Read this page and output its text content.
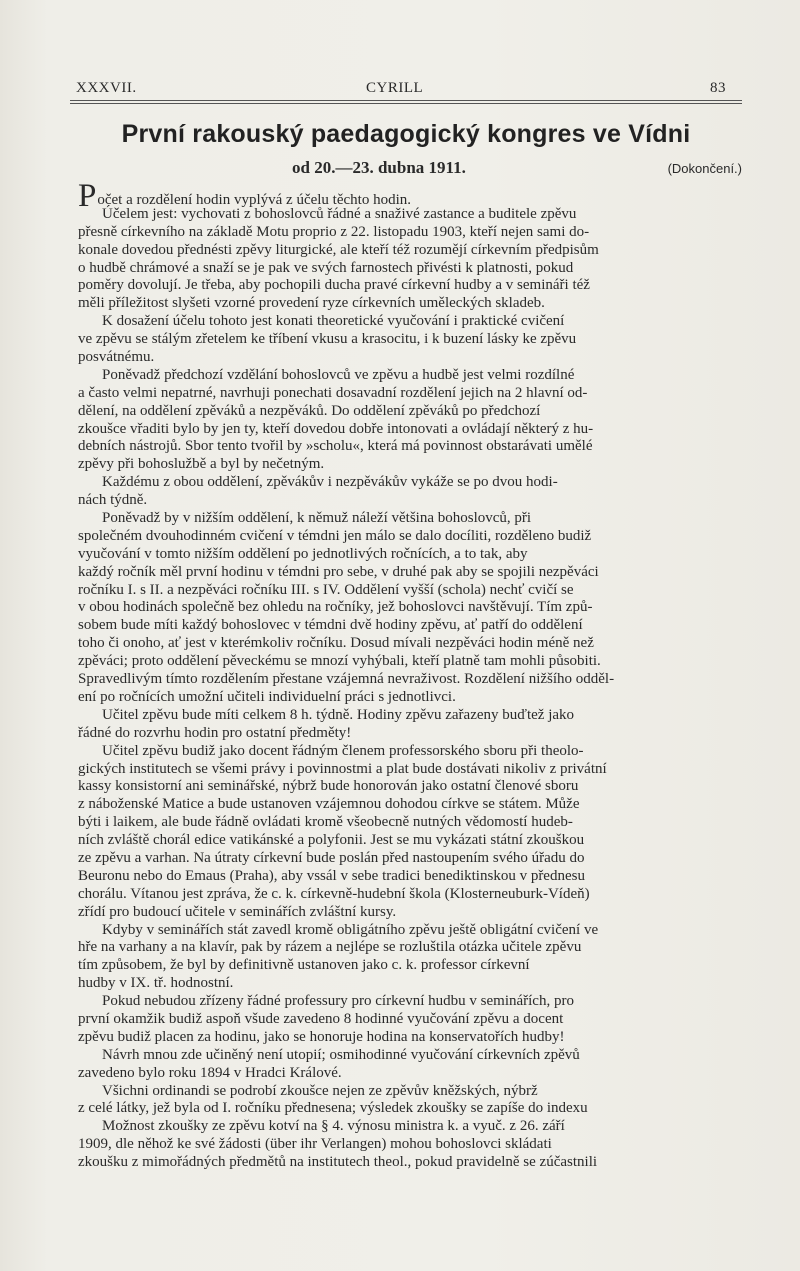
XXXVII.	CYRILL	83
První rakouský paedagogický kongres ve Vídni
od 20.—23. dubna 1911.	(Dokončení.)
Počet a rozdělení hodin vyplývá z účelu těchto hodin.
Účelem jest: vychovati z bohoslovců řádné a snaživé zastance a buditele zpěvu
přesně církevního na základě Motu proprio z 22. listopadu 1903, kteří nejen sami do-
konale dovedou přednésti zpěvy liturgické, ale kteří též rozumějí církevním předpisům
o hudbě chrámové a snaží se je pak ve svých farnostech přivésti k platnosti, pokud
poměry dovolují. Je třeba, aby pochopili ducha pravé církevní hudby a v semináři též
měli příležitost slyšeti vzorné provedení ryze církevních uměleckých skladeb.
K dosažení účelu tohoto jest konati theoretické vyučování i praktické cvičení
ve zpěvu se stálým zřetelem ke tříbení vkusu a krasocitu, i k buzení lásky ke zpěvu
posvátnému.
Poněvadž předchozí vzdělání bohoslovců ve zpěvu a hudbě jest velmi rozdílné
a často velmi nepatrné, navrhuji ponechati dosavadní rozdělení jejich na 2 hlavní od-
dělení, na oddělení zpěváků a nezpěváků. Do oddělení zpěváků po předchozí
zkoušce vřaditi bylo by jen ty, kteří dovedou dobře intonovati a ovládají některý z hu-
debních nástrojů. Sbor tento tvořil by »scholu«, která má povinnost obstarávati umělé
zpěvy při bohoslužbě a byl by nečetným.
Každému z obou oddělení, zpěvákův i nezpěvákův vykáže se po dvou hodi-
nách týdně.
Poněvadž by v nižším oddělení, k němuž náleží většina bohoslovců, při
společném dvouhodinném cvičení v témdni jen málo se dalo docíliti, rozděleno budiž
vyučování v tomto nižším oddělení po jednotlivých ročnících, a to tak, aby
každý ročník měl první hodinu v témdni pro sebe, v druhé pak aby se spojili nezpěváci
ročníku I. s II. a nezpěváci ročníku III. s IV. Oddělení vyšší (schola) nechť cvičí se
v obou hodinách společně bez ohledu na ročníky, jež bohoslovci navštěvují. Tím způ-
sobem bude míti každý bohoslovec v témdni dvě hodiny zpěvu, ať patří do oddělení
toho či onoho, ať jest v kterémkoliv ročníku. Dosud mívali nezpěváci hodin méně než
zpěváci; proto oddělení pěveckému se mnozí vyhýbali, kteří platně tam mohli působiti.
Spravedlivým tímto rozdělením přestane vzájemná nevraživost. Rozdělení nižšího odděl-
ení po ročnících umožní učiteli individuelní práci s jednotlivci.
Učitel zpěvu bude míti celkem 8 h. týdně. Hodiny zpěvu zařazeny buďtež jako
řádné do rozvrhu hodin pro ostatní předměty!
Učitel zpěvu budiž jako docent řádným členem professorského sboru při theolo-
gických institutech se všemi právy i povinnostmi a plat bude dostávati nikoliv z privátní
kassy konsistorní ani seminářské, nýbrž bude honorován jako ostatní členové sboru
z náboženské Matice a bude ustanoven vzájemnou dohodou církve se státem. Může
býti i laikem, ale bude řádně ovládati kromě všeobecně nutných vědomostí hudeb-
ních zvláště chorál edice vatikánské a polyfonii. Jest se mu vykázati státní zkouškou
ze zpěvu a varhan. Na útraty církevní bude poslán před nastoupením svého úřadu do
Beuronu nebo do Emaus (Praha), aby vssál v sebe tradici benediktinskou v přednesu
chorálu. Vítanou jest zpráva, že c. k. církevně-hudební škola (Klosterneuburk-Vídeň)
zřídí pro budoucí učitele v seminářích zvláštní kursy.
Kdyby v seminářích stát zavedl kromě obligátního zpěvu ještě obligátní cvičení ve
hře na varhany a na klavír, pak by rázem a nejlépe se rozluštila otázka učitele zpěvu
tím způsobem, že byl by definitivně ustanoven jako c. k. professor církevní
hudby v IX. tř. hodnostní.
Pokud nebudou zřízeny řádné professury pro církevní hudbu v seminářích, pro
první okamžik budiž aspoň všude zavedeno 8 hodinné vyučování zpěvu a docent
zpěvu budiž placen za hodinu, jako se honoruje hodina na konservatořích hudby!
Návrh mnou zde učiněný není utopií; osmihodinné vyučování církevních zpěvů
zavedeno bylo roku 1894 v Hradci Králové.
Všichni ordinandi se podrobí zkoušce nejen ze zpěvův kněžských, nýbrž
z celé látky, jež byla od I. ročníku přednesena; výsledek zkoušky se zapíše do indexu
Možnost zkoušky ze zpěvu kotví na § 4. výnosu ministra k. a vyuč. z 26. září
1909, dle něhož ke své žádosti (über ihr Verlangen) mohou bohoslovci skládati
zkoušku z mimořádných předmětů na institutech theol., pokud pravidelně se zúčastnili
